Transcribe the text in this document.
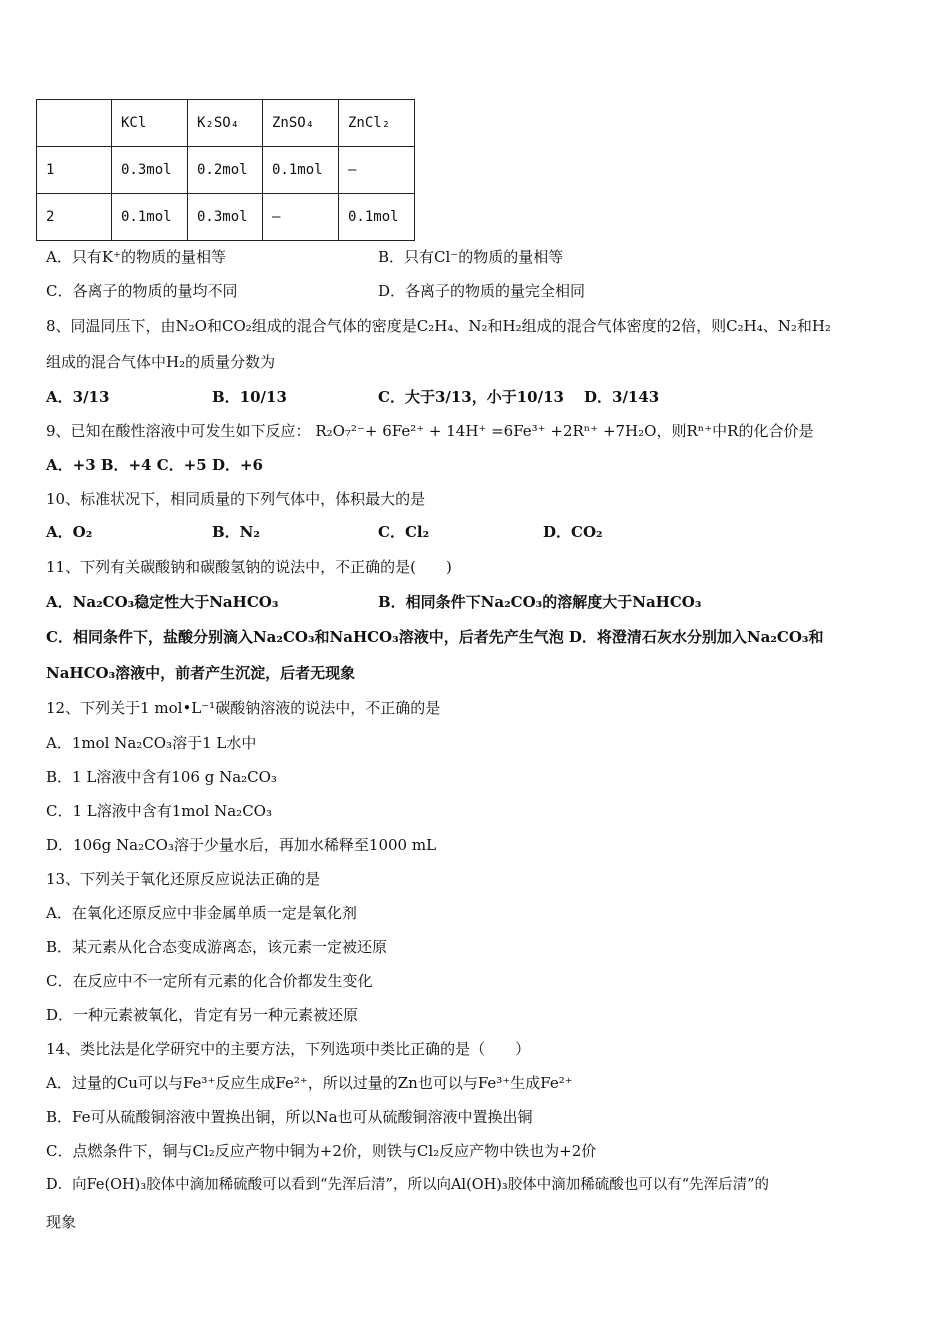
	KCl	K₂SO₄	ZnSO₄	ZnCl₂
1	0.3mol	0.2mol	0.1mol	—
2	0.1mol	0.3mol	—	0.1mol
A．只有K⁺的物质的量相等	B．只有Cl⁻的物质的量相等
C．各离子的物质的量均不同	D．各离子的物质的量完全相同
8、同温同压下，由N₂O和CO₂组成的混合气体的密度是C₂H₄、N₂和H₂组成的混合气体密度的2倍，则C₂H₄、N₂和H₂
组成的混合气体中H₂的质量分数为
A．3/13	B．10/13	C．大于3/13，小于10/13 D．3/143
9、已知在酸性溶液中可发生如下反应： R₂O₇²⁻+ 6Fe²⁺ + 14H⁺ =6Fe³⁺ +2Rⁿ⁺ +7H₂O，则Rⁿ⁺中R的化合价是
A．+3 B．+4 C．+5 D．+6
10、标准状况下，相同质量的下列气体中，体积最大的是
A．O₂	B．N₂	C．Cl₂	D．CO₂
11、下列有关碳酸钠和碳酸氢钠的说法中，不正确的是(　　)
A．Na₂CO₃稳定性大于NaHCO₃	B．相同条件下Na₂CO₃的溶解度大于NaHCO₃
C．相同条件下，盐酸分别滴入Na₂CO₃和NaHCO₃溶液中，后者先产生气泡 D．将澄清石灰水分别加入Na₂CO₃和
NaHCO₃溶液中，前者产生沉淀，后者无现象
12、下列关于1 mol•L⁻¹碳酸钠溶液的说法中，不正确的是
A．1mol Na₂CO₃溶于1 L水中
B．1 L溶液中含有106 g Na₂CO₃
C．1 L溶液中含有1mol Na₂CO₃
D．106g Na₂CO₃溶于少量水后，再加水稀释至1000 mL
13、下列关于氧化还原反应说法正确的是
A．在氧化还原反应中非金属单质一定是氧化剂
B．某元素从化合态变成游离态，该元素一定被还原
C．在反应中不一定所有元素的化合价都发生变化
D．一种元素被氧化，肯定有另一种元素被还原
14、类比法是化学研究中的主要方法，下列选项中类比正确的是（　　）
A．过量的Cu可以与Fe³⁺反应生成Fe²⁺，所以过量的Zn也可以与Fe³⁺生成Fe²⁺
B．Fe可从硫酸铜溶液中置换出铜，所以Na也可从硫酸铜溶液中置换出铜
C．点燃条件下，铜与Cl₂反应产物中铜为+2价，则铁与Cl₂反应产物中铁也为+2价
D．向Fe(OH)₃胶体中滴加稀硫酸可以看到“先浑后清”，所以向Al(OH)₃胶体中滴加稀硫酸也可以有“先浑后清”的
现象
